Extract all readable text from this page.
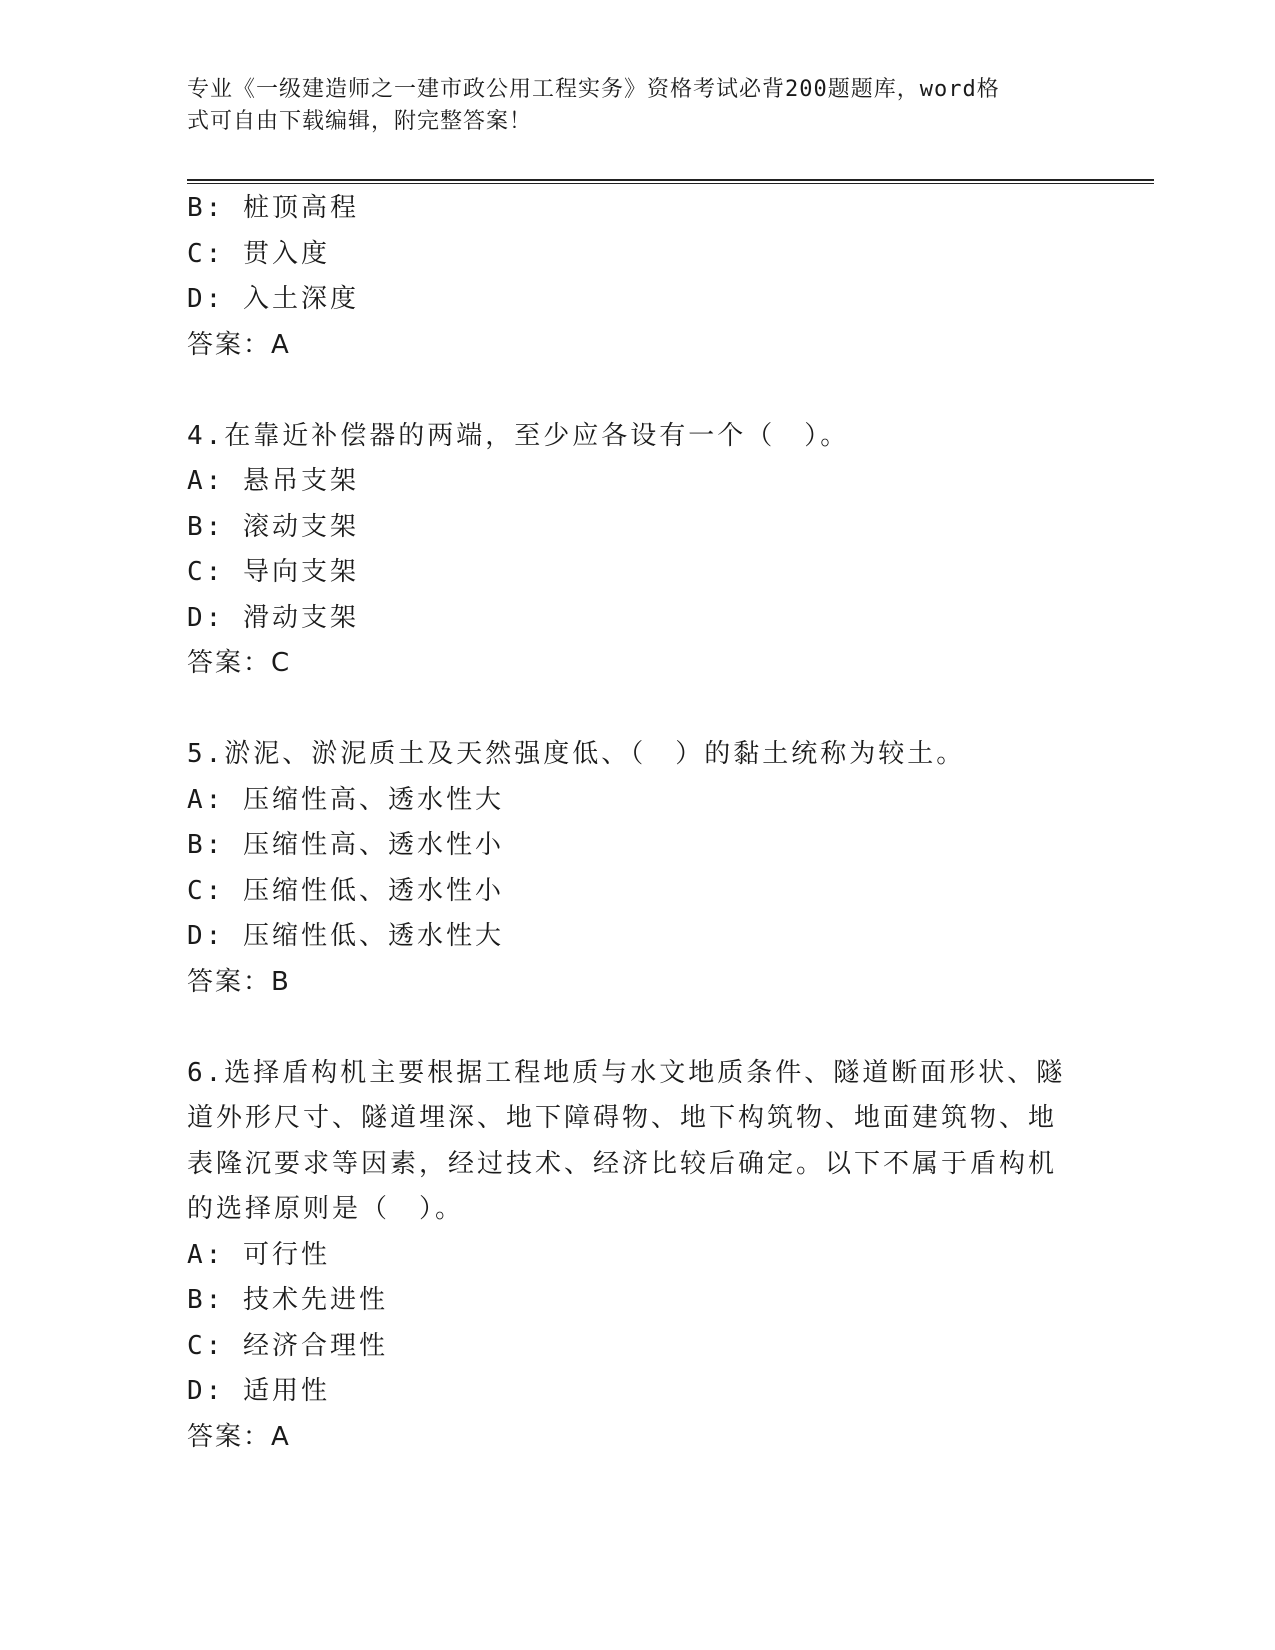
专业《一级建造师之一建市政公用工程实务》资格考试必背200题题库，word格
式可自由下载编辑，附完整答案！
B: 桩顶高程
C: 贯入度
D: 入土深度
答案：A
4.在靠近补偿器的两端，至少应各设有一个（　）。
A: 悬吊支架
B: 滚动支架
C: 导向支架
D: 滑动支架
答案：C
5.淤泥、淤泥质土及天然强度低、（　）的黏土统称为较土。
A: 压缩性高、透水性大
B: 压缩性高、透水性小
C: 压缩性低、透水性小
D: 压缩性低、透水性大
答案：B
6.选择盾构机主要根据工程地质与水文地质条件、隧道断面形状、隧
道外形尺寸、隧道埋深、地下障碍物、地下构筑物、地面建筑物、地
表隆沉要求等因素，经过技术、经济比较后确定。以下不属于盾构机
的选择原则是（　）。
A: 可行性
B: 技术先进性
C: 经济合理性
D: 适用性
答案：A
